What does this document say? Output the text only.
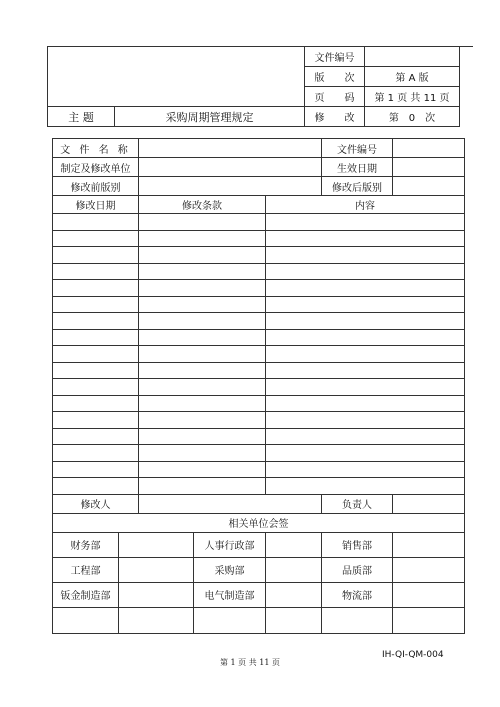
		文件编号	
		版　　次	第 A 版
		页　　码	第 1 页 共 11 页
主 题	采购周期管理规定	修　　改	第　0　次
文 件 名 称					文件编号	
制定及修改单位					生效日期	
修改前版别					修改后版别	
修改日期		修改条款		内容		

修改人					负责人	
相关单位会签						
财务部			人事行政部		销售部	
工程部			采购部		品质部	
钣金制造部			电气制造部		物流部	

IH-QI-QM-004
第 1 页 共 11 页
